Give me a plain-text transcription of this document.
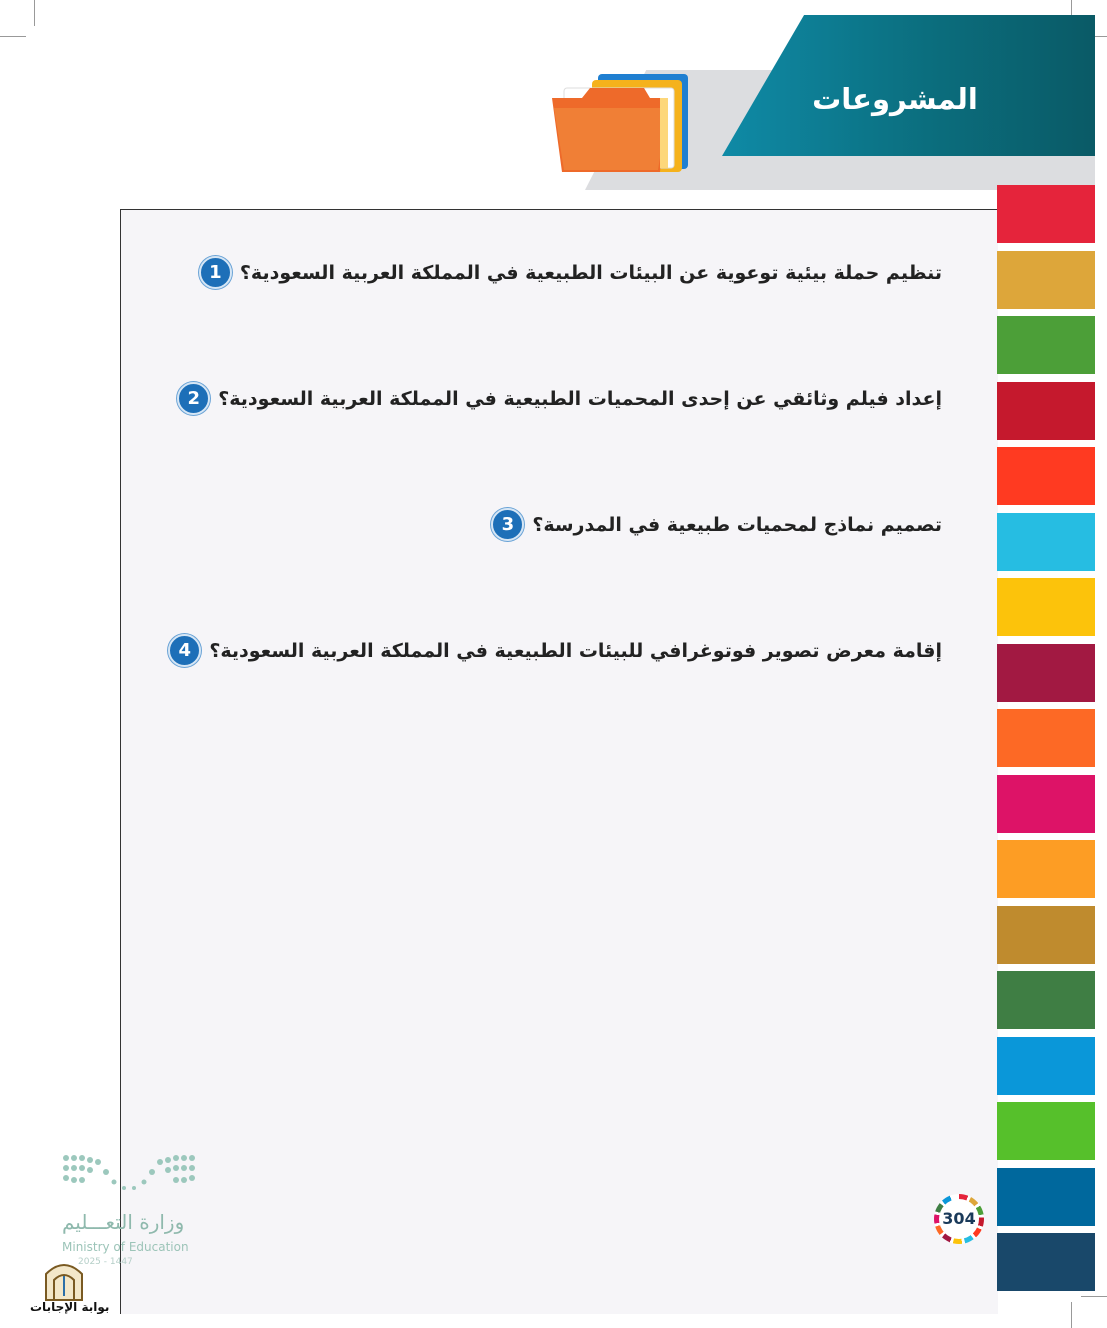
المشروعات
1 تنظيم حملة بيئية توعوية عن البيئات الطبيعية في المملكة العربية السعودية؟
2 إعداد فيلم وثائقي عن إحدى المحميات الطبيعية في المملكة العربية السعودية؟
3 تصميم نماذج لمحميات طبيعية في المدرسة؟
4 إقامة معرض تصوير فوتوغرافي للبيئات الطبيعية في المملكة العربية السعودية؟
304
وزارة التعـــليم
Ministry of Education
2025 - 1447
بوابة الإجابات
